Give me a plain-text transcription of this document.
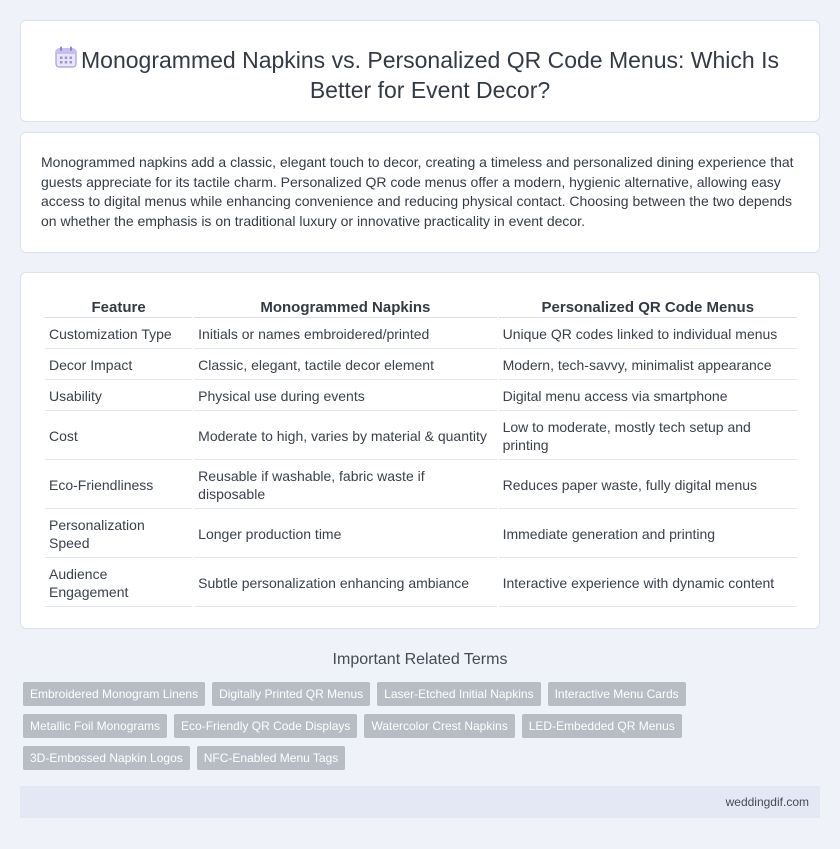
Monogrammed Napkins vs. Personalized QR Code Menus: Which Is Better for Event Decor?

Monogrammed napkins add a classic, elegant touch to decor, creating a timeless and personalized dining experience that guests appreciate for its tactile charm. Personalized QR code menus offer a modern, hygienic alternative, allowing easy access to digital menus while enhancing convenience and reducing physical contact. Choosing between the two depends on whether the emphasis is on traditional luxury or innovative practicality in event decor.

Feature	Monogrammed Napkins	Personalized QR Code Menus
Customization Type	Initials or names embroidered/printed	Unique QR codes linked to individual menus
Decor Impact	Classic, elegant, tactile decor element	Modern, tech-savvy, minimalist appearance
Usability	Physical use during events	Digital menu access via smartphone
Cost	Moderate to high, varies by material & quantity	Low to moderate, mostly tech setup and printing
Eco-Friendliness	Reusable if washable, fabric waste if disposable	Reduces paper waste, fully digital menus
Personalization Speed	Longer production time	Immediate generation and printing
Audience Engagement	Subtle personalization enhancing ambiance	Interactive experience with dynamic content
Important Related Terms
Embroidered Monogram Linens	Digitally Printed QR Menus	Laser-Etched Initial Napkins	Interactive Menu Cards
Metallic Foil Monograms	Eco-Friendly QR Code Displays	Watercolor Crest Napkins	LED-Embedded QR Menus
3D-Embossed Napkin Logos	NFC-Enabled Menu Tags
weddingdif.com
